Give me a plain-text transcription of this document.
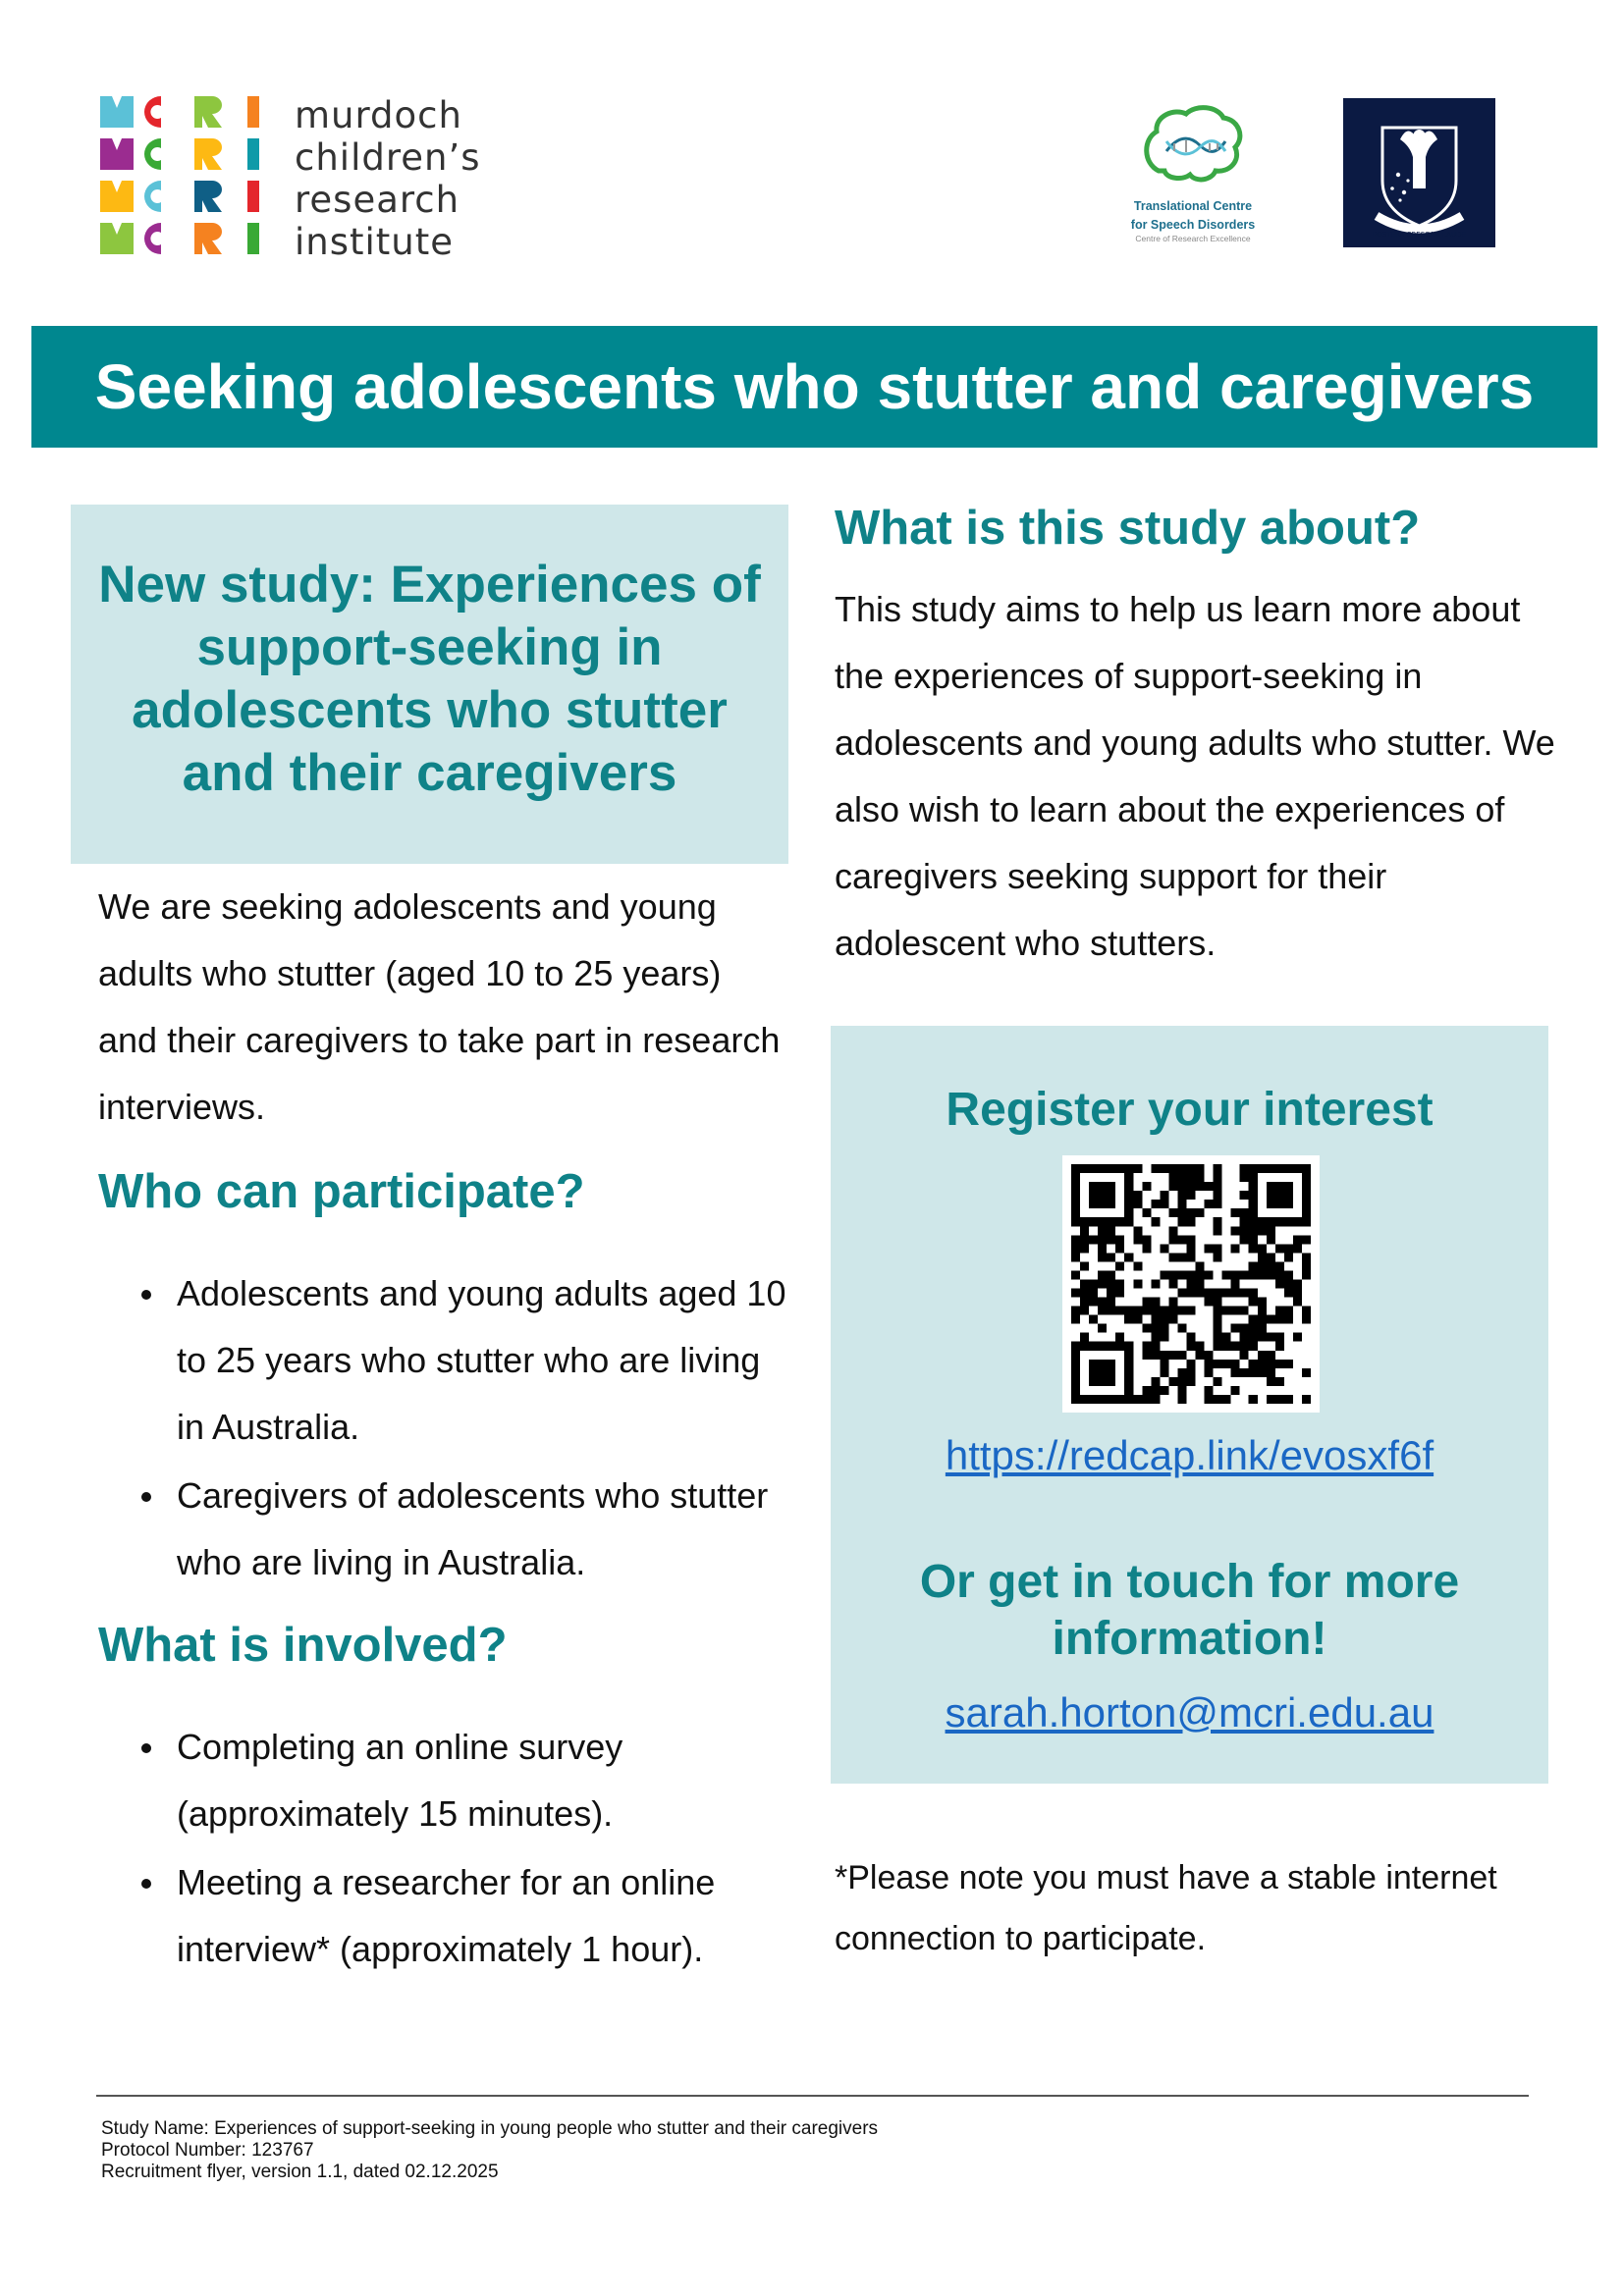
murdoch
children’s
research
institute
Translational Centre
for Speech Disorders
Centre of Research Excellence	POSTERA CRESCAM LAUDE
Seeking adolescents who stutter and caregivers
New study: Experiences of support-seeking in adolescents who stutter and their caregivers
We are seeking adolescents and young adults who stutter (aged 10 to 25 years) and their caregivers to take part in research interviews.
Who can participate?
Adolescents and young adults aged 10 to 25 years who stutter who are living in Australia.
Caregivers of adolescents who stutter who are living in Australia.
What is involved?
Completing an online survey (approximately 15 minutes).
Meeting a researcher for an online interview* (approximately 1 hour).
What is this study about?
This study aims to help us learn more about the experiences of support-seeking in adolescents and young adults who stutter. We also wish to learn about the experiences of caregivers seeking support for their adolescent who stutters.
Register your interest
https://redcap.link/evosxf6f
Or get in touch for more information!
sarah.horton@mcri.edu.au
*Please note you must have a stable internet connection to participate.
Study Name: Experiences of support-seeking in young people who stutter and their caregivers
Protocol Number: 123767
Recruitment flyer, version 1.1, dated 02.12.2025
